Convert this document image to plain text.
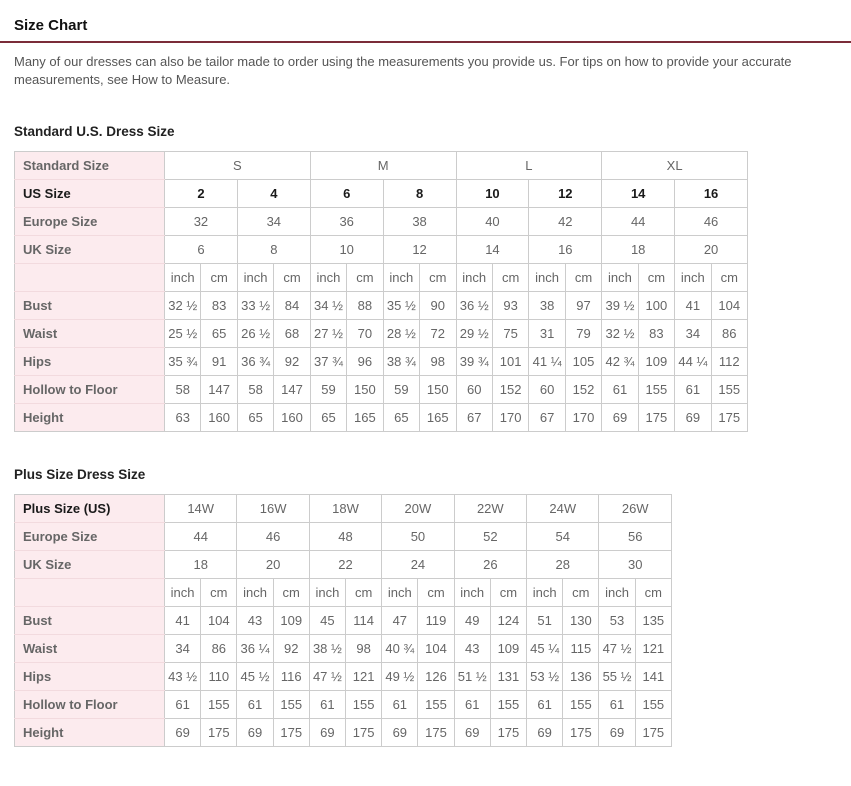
Size Chart

Many of our dresses can also be tailor made to order using the measurements you provide us. For tips on how to provide your accurate measurements, see How to Measure.

Standard U.S. Dress Size
Standard Size	S				M				L				XL			
US Size	2		4		6		8		10		12		14		16	
Europe Size	32		34		36		38		40		42		44		46	
UK Size	6		8		10		12		14		16		18		20	
	inch	cm	inch	cm	inch	cm	inch	cm	inch	cm	inch	cm	inch	cm	inch	cm
Bust	32 ½	83	33 ½	84	34 ½	88	35 ½	90	36 ½	93	38	97	39 ½	100	41	104
Waist	25 ½	65	26 ½	68	27 ½	70	28 ½	72	29 ½	75	31	79	32 ½	83	34	86
Hips	35 ¾	91	36 ¾	92	37 ¾	96	38 ¾	98	39 ¾	101	41 ¼	105	42 ¾	109	44 ¼	112
Hollow to Floor	58	147	58	147	59	150	59	150	60	152	60	152	61	155	61	155
Height	63	160	65	160	65	165	65	165	67	170	67	170	69	175	69	175
Plus Size Dress Size
Plus Size (US)	14W		16W		18W		20W		22W		24W		26W	
Europe Size	44		46		48		50		52		54		56	
UK Size	18		20		22		24		26		28		30	
	inch	cm	inch	cm	inch	cm	inch	cm	inch	cm	inch	cm	inch	cm
Bust	41	104	43	109	45	114	47	119	49	124	51	130	53	135
Waist	34	86	36 ¼	92	38 ½	98	40 ¾	104	43	109	45 ¼	115	47 ½	121
Hips	43 ½	110	45 ½	116	47 ½	121	49 ½	126	51 ½	131	53 ½	136	55 ½	141
Hollow to Floor	61	155	61	155	61	155	61	155	61	155	61	155	61	155
Height	69	175	69	175	69	175	69	175	69	175	69	175	69	175
